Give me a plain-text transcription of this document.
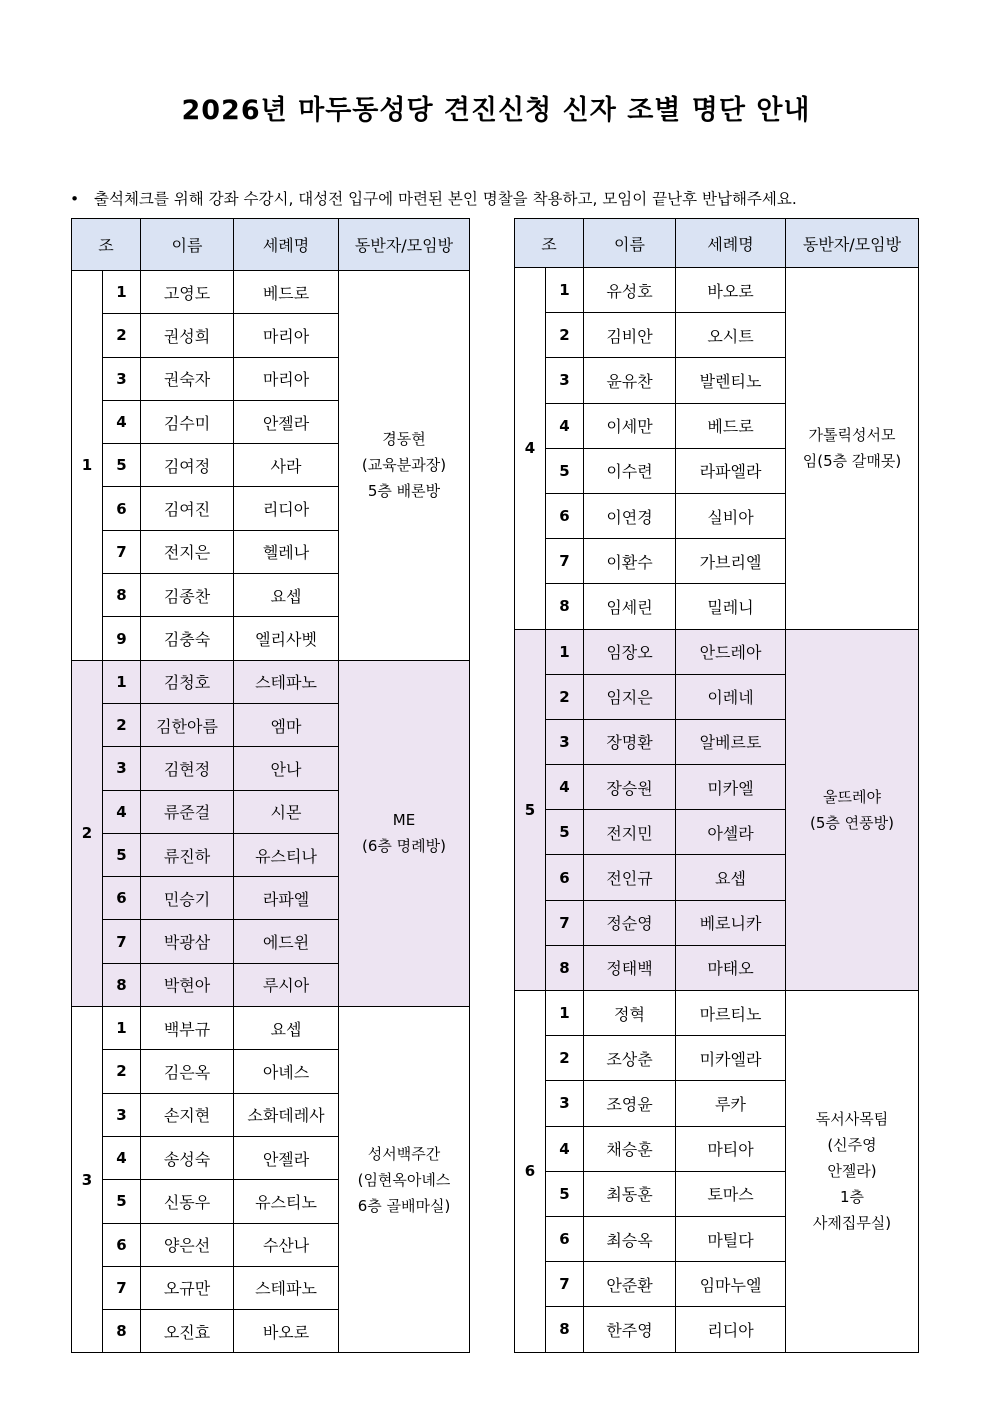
2026년 마두동성당 견진신청 신자 조별 명단 안내
• 출석체크를 위해 강좌 수강시, 대성전 입구에 마련된 본인 명찰을 착용하고, 모임이 끝난후 반납해주세요.
조		이름	세례명	동반자/모임방
1	1	고영도	베드로	경동현
(교육분과장)
5층 배론방

	2	권성희	마리아	
	3	권숙자	마리아	
	4	김수미	안젤라	
	5	김여정	사라	
	6	김여진	리디아	
	7	전지은	헬레나	
	8	김종찬	요셉	
	9	김충숙	엘리사벳	
2	1	김청호	스테파노	ME
(6층 명례방)

	2	김한아름	엠마	
	3	김현정	안나	
	4	류준걸	시몬	
	5	류진하	유스티나	
	6	민승기	라파엘	
	7	박광삼	에드윈	
	8	박현아	루시아	
3	1	백부규	요셉	성서백주간
(임현옥아녜스
6층 골배마실)

	2	김은옥	아녜스	
	3	손지현	소화데레사	
	4	송성숙	안젤라	
	5	신동우	유스티노	
	6	양은선	수산나	
	7	오규만	스테파노	
	8	오진효	바오로	
조		이름	세례명	동반자/모임방
4	1	유성호	바오로	가톨릭성서모
임(5층 갈매못)

	2	김비안	오시트	
	3	윤유찬	발렌티노	
	4	이세만	베드로	
	5	이수련	라파엘라	
	6	이연경	실비아	
	7	이환수	가브리엘	
	8	임세린	밀레니	
5	1	임장오	안드레아	울뜨레야
(5층 연풍방)

	2	임지은	이레네	
	3	장명환	알베르토	
	4	장승원	미카엘	
	5	전지민	아셀라	
	6	전인규	요셉	
	7	정순영	베로니카	
	8	정태백	마태오	
6	1	정혁	마르티노	독서사목팀
(신주영
안젤라)
1층
사제집무실)

	2	조상춘	미카엘라	
	3	조영윤	루카	
	4	채승훈	마티아	
	5	최동훈	토마스	
	6	최승옥	마틸다	
	7	안준환	임마누엘	
	8	한주영	리디아	
